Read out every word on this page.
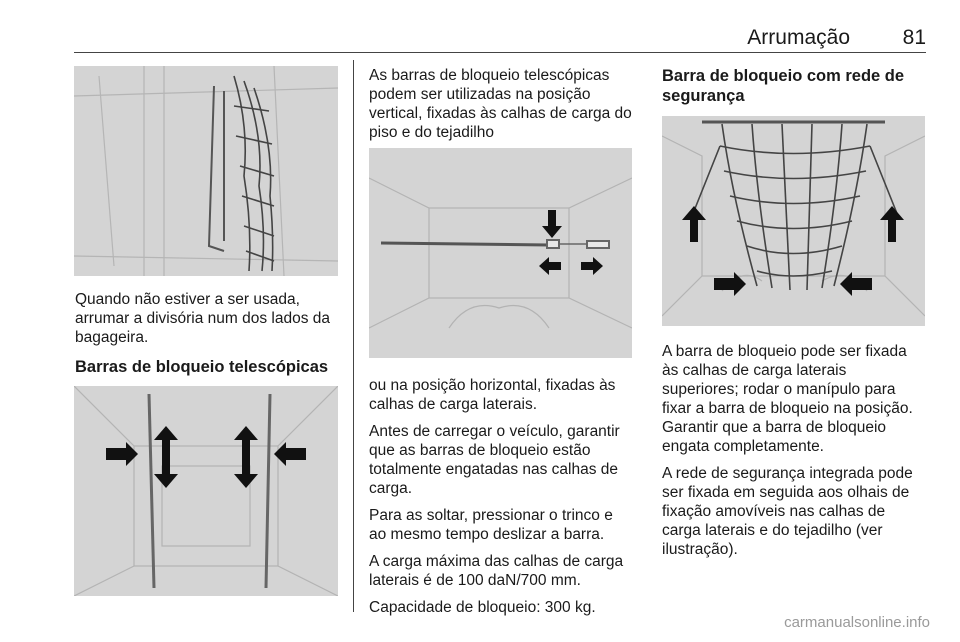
Arrumação	81
Quando não estiver a ser usada, arrumar a divisória num dos lados da bagageira.
Barras de bloqueio telescópicas
As barras de bloqueio telescópicas podem ser utilizadas na posição vertical, fixadas às calhas de carga do piso e do tejadilho

ou na posição horizontal, fixadas às calhas de carga laterais.

Antes de carregar o veículo, garantir que as barras de bloqueio estão totalmente engatadas nas calhas de carga.

Para as soltar, pressionar o trinco e ao mesmo tempo deslizar a barra.

A carga máxima das calhas de carga laterais é de 100 daN/700 mm.

Capacidade de bloqueio: 300 kg.

Barra de bloqueio com rede de segurança

A barra de bloqueio pode ser fixada às calhas de carga laterais superiores; rodar o manípulo para fixar a barra de bloqueio na posição. Garantir que a barra de bloqueio engata completamente.

A rede de segurança integrada pode ser fixada em seguida aos olhais de fixação amovíveis nas calhas de carga laterais e do tejadilho (ver ilustração).

carmanualsonline.info
